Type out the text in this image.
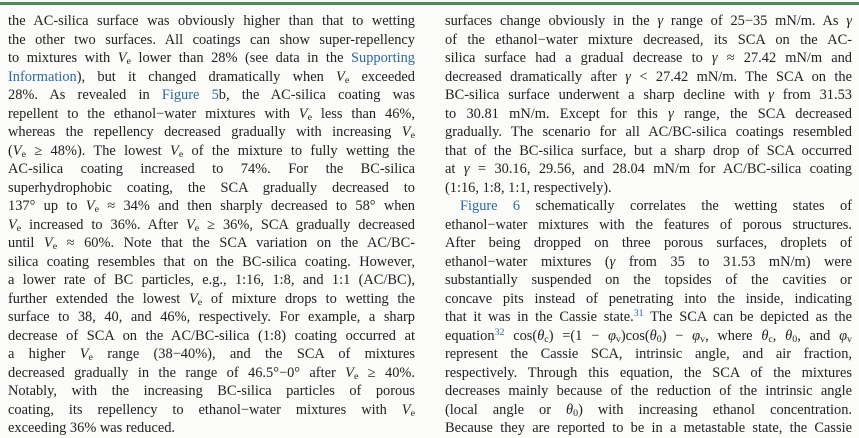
the AC-silica surface was obviously higher than that to wetting
the other two surfaces. All coatings can show super-repellency
to mixtures with Ve lower than 28% (see data in the Supporting
Information), but it changed dramatically when Ve exceeded
28%. As revealed in Figure 5b, the AC-silica coating was
repellent to the ethanol−water mixtures with Ve less than 46%,
whereas the repellency decreased gradually with increasing Ve
(Ve ≥ 48%). The lowest Ve of the mixture to fully wetting the
AC-silica coating increased to 74%. For the BC-silica
superhydrophobic coating, the SCA gradually decreased to
137° up to Ve ≈ 34% and then sharply decreased to 58° when
Ve increased to 36%. After Ve ≥ 36%, SCA gradually decreased
until Ve ≈ 60%. Note that the SCA variation on the AC/BC-
silica coating resembles that on the BC-silica coating. However,
a lower rate of BC particles, e.g., 1:16, 1:8, and 1:1 (AC/BC),
further extended the lowest Ve of mixture drops to wetting the
surface to 38, 40, and 46%, respectively. For example, a sharp
decrease of SCA on the AC/BC-silica (1:8) coating occurred at
a higher Ve range (38−40%), and the SCA of mixtures
decreased gradually in the range of 46.5°−0° after Ve ≥ 40%.
Notably, with the increasing BC-silica particles of porous
coating, its repellency to ethanol−water mixtures with Ve
exceeding 36% was reduced.
surfaces change obviously in the γ range of 25−35 mN/m. As γ
of the ethanol−water mixture decreased, its SCA on the AC-
silica surface had a gradual decrease to γ ≈ 27.42 mN/m and
decreased dramatically after γ < 27.42 mN/m. The SCA on the
BC-silica surface underwent a sharp decline with γ from 31.53
to 30.81 mN/m. Except for this γ range, the SCA decreased
gradually. The scenario for all AC/BC-silica coatings resembled
that of the BC-silica surface, but a sharp drop of SCA occurred
at γ = 30.16, 29.56, and 28.04 mN/m for AC/BC-silica coating
(1:16, 1:8, 1:1, respectively).
Figure 6 schematically correlates the wetting states of
ethanol−water mixtures with the features of porous structures.
After being dropped on three porous surfaces, droplets of
ethanol−water mixtures (γ from 35 to 31.53 mN/m) were
substantially suspended on the topsides of the cavities or
concave pits instead of penetrating into the inside, indicating
that it was in the Cassie state.$^{31}$ The SCA can be depicted as the
equation$^{32}$ cos(θc) =(1 − φv)cos(θ0) − φv, where θc, θ0, and φv
represent the Cassie SCA, intrinsic angle, and air fraction,
respectively. Through this equation, the SCA of the mixtures
decreases mainly because of the reduction of the intrinsic angle
(local angle or θ0) with increasing ethanol concentration.
Because they are reported to be in a metastable state, the Cassie
